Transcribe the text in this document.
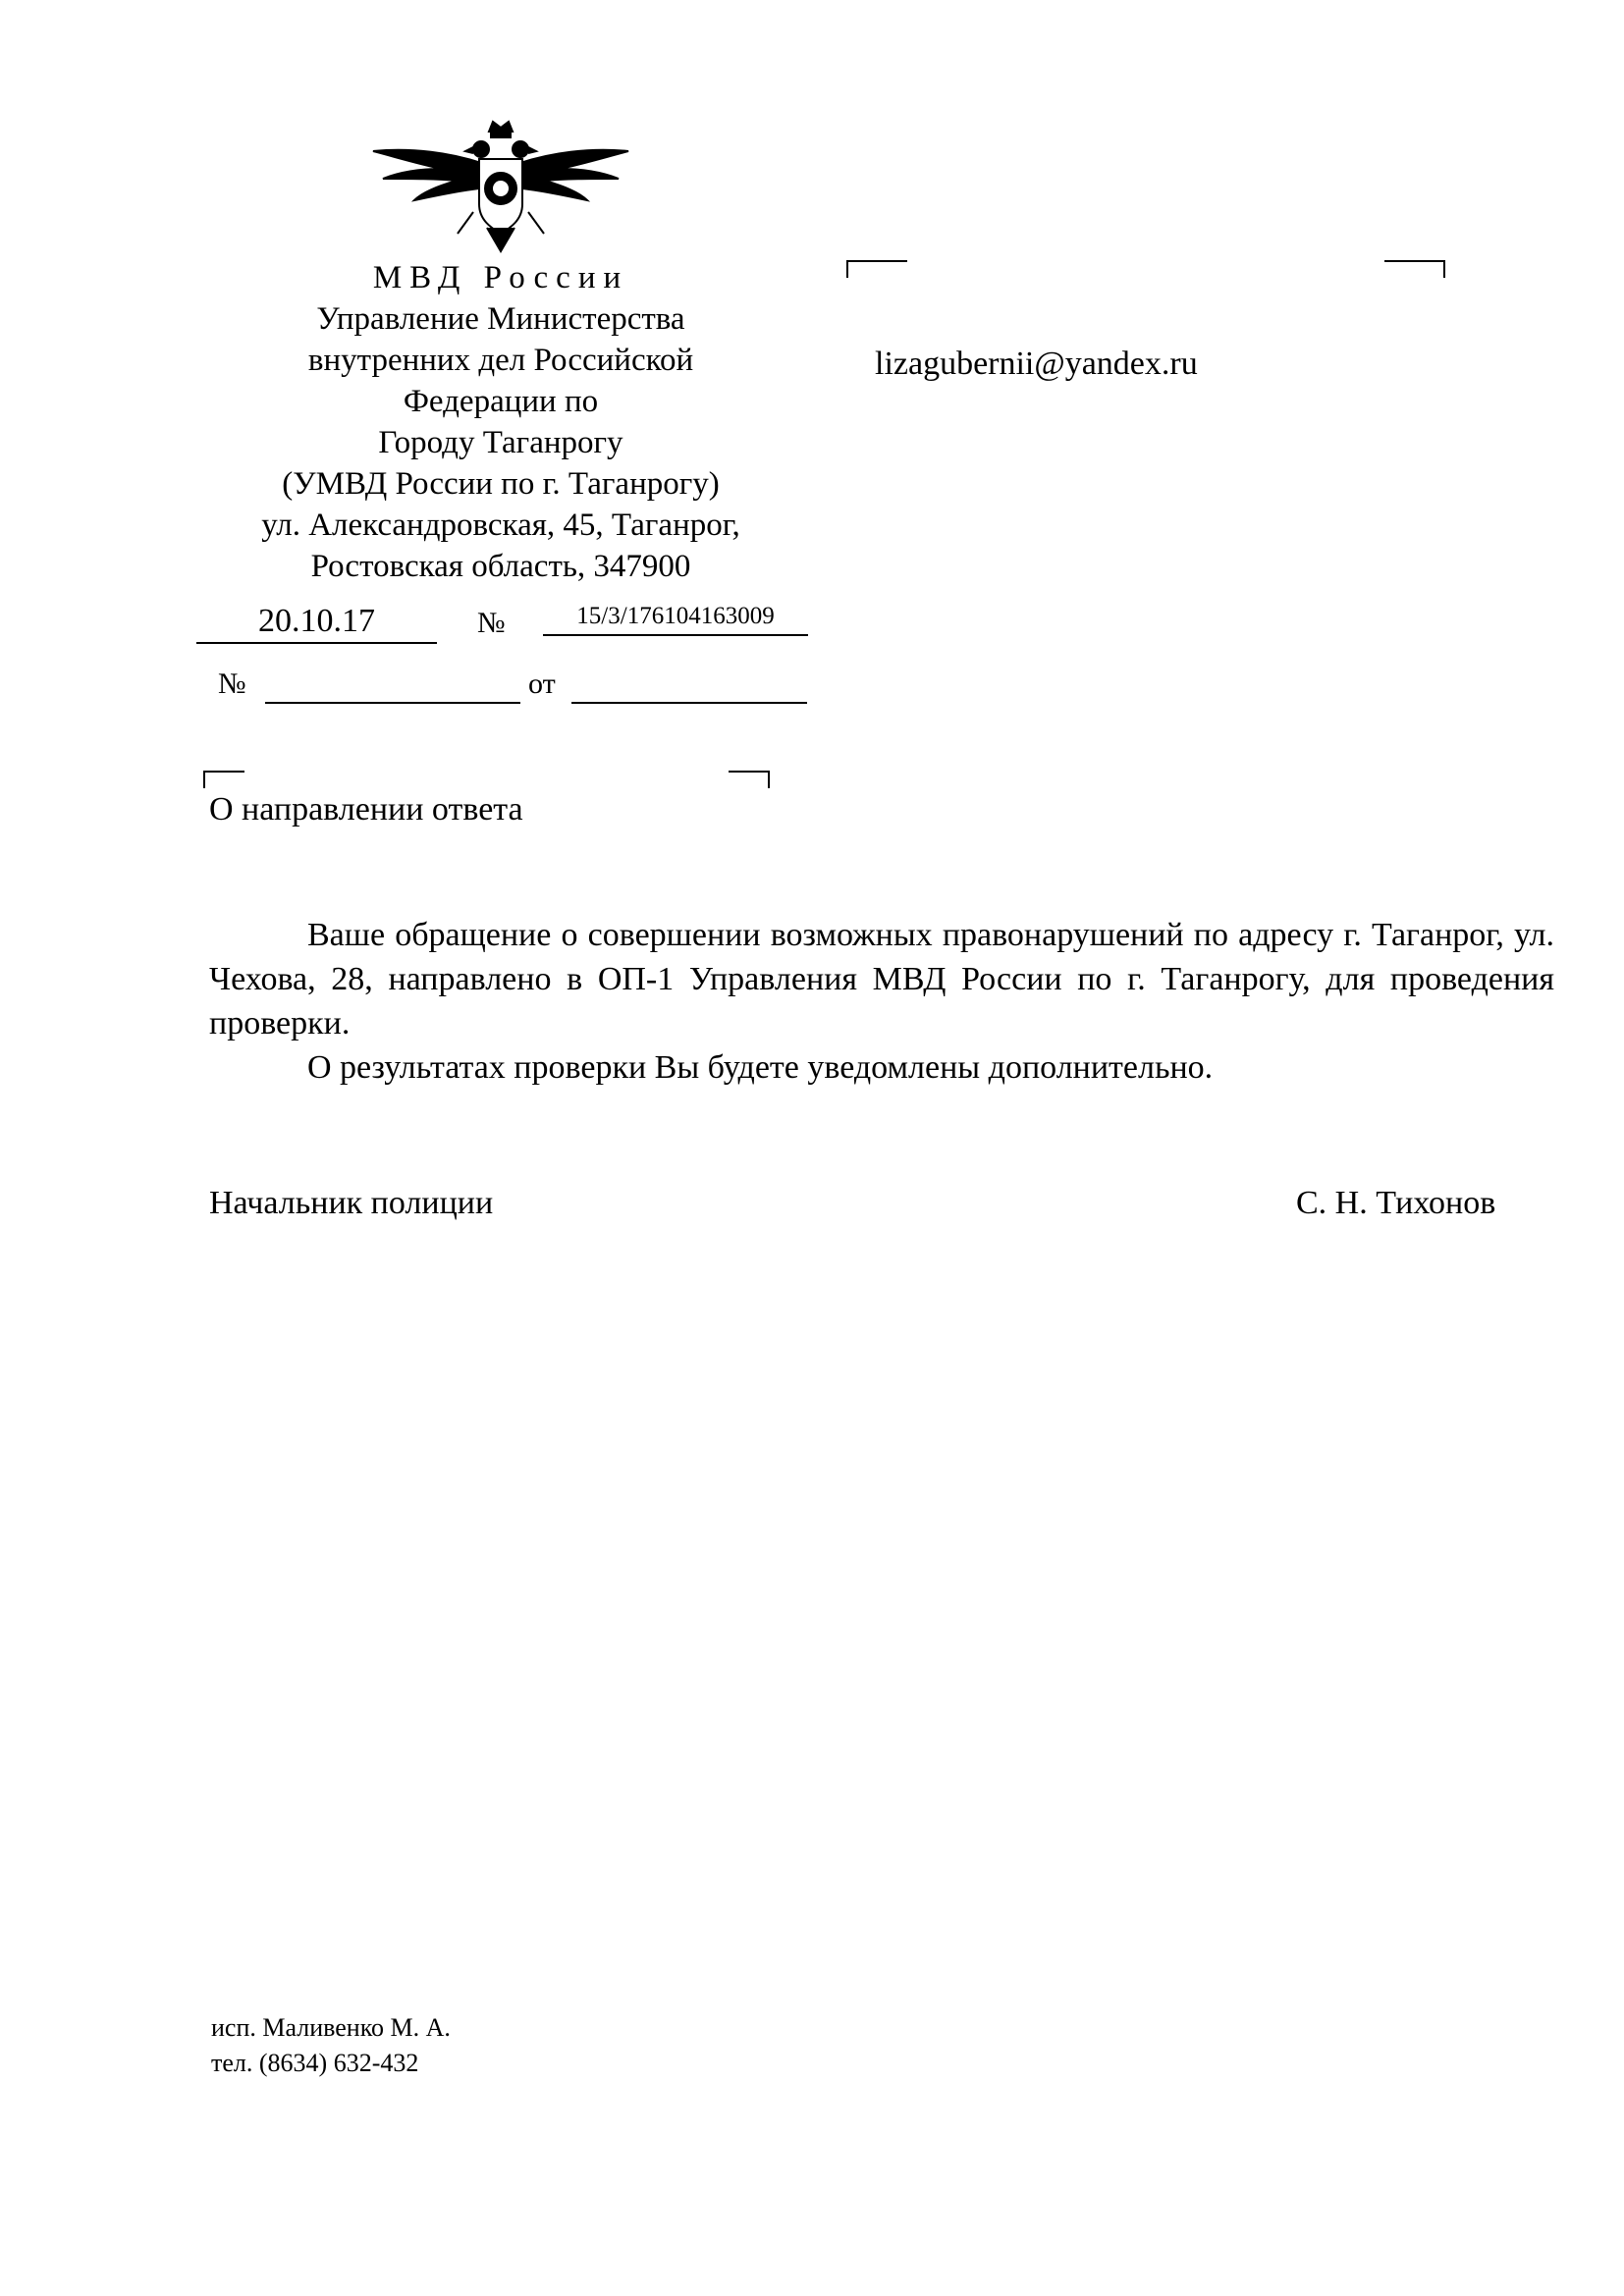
МВД России
Управление Министерства
внутренних дел Российской
Федерации по
Городу Таганрогу
(УМВД России по г. Таганрогу)
ул. Александровская, 45, Таганрог,
Ростовская область, 347900
20.10.17	№	15/3/176104163009
№	от
lizagubernii@yandex.ru
О направлении ответа

Ваше обращение о совершении возможных правонарушений по адресу г. Таганрог, ул. Чехова, 28, направлено в ОП-1 Управления МВД России по г. Таганрогу, для проведения проверки.

О результатах проверки Вы будете уведомлены дополнительно.

Начальник полиции	С. Н. Тихонов
исп. Маливенко М. А.
тел. (8634) 632-432
